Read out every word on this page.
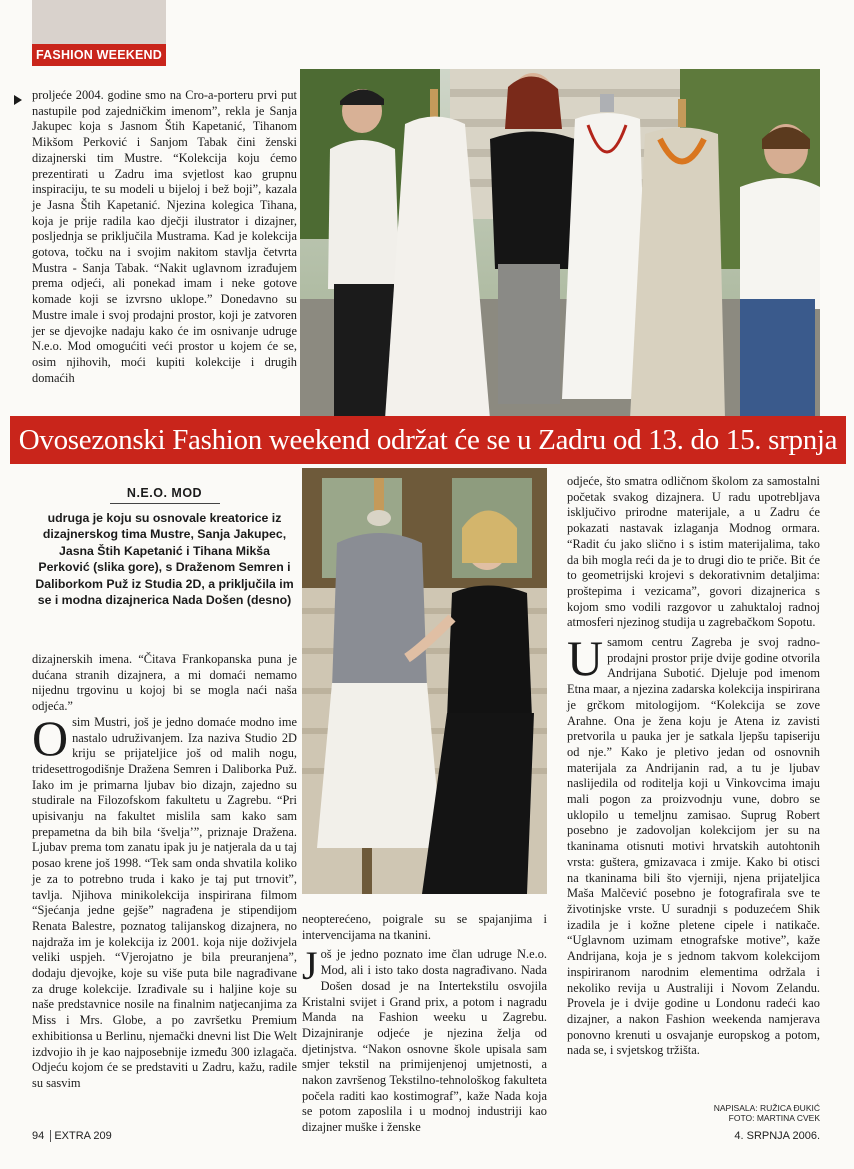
FASHION WEEKEND

proljeće 2004. godine smo na Cro-a-porteru prvi put nastupile pod zajedničkim imenom”, rekla je Sanja Jakupec koja s Jasnom Štih Kapetanić, Tihanom Mikšom Perković i Sanjom Tabak čini ženski dizajnerski tim Mustre. “Kolekcija koju ćemo prezentirati u Zadru ima svjetlost kao grupnu inspiraciju, te su modeli u bijeloj i bež boji”, kazala je Jasna Štih Kapetanić. Njezina kolegica Tihana, koja je prije radila kao dječji ilustrator i dizajner, posljednja se priključila Mustrama. Kad je kolekcija gotova, točku na i svojim nakitom stavlja četvrta Mustra - Sanja Tabak. “Nakit uglavnom izrađujem prema odjeći, ali ponekad imam i neke gotove komade koji se izvrsno uklope.” Donedavno su Mustre imale i svoj prodajni prostor, koji je zatvoren jer se djevojke nadaju kako će im osnivanje udruge N.e.o. Mod omogućiti veći prostor u kojem će se, osim njihovih, moći kupiti kolekcije i drugih domaćih

Ovosezonski Fashion weekend održat će se u Zadru od 13. do 15. srpnja
N.E.O. MOD
udruga je koju su osnovale kreatorice iz dizajnerskog tima Mustre, Sanja Jakupec, Jasna Štih Kapetanić i Tihana Mikša Perković (slika gore), s Draženom Semren i Daliborkom Puž iz Studia 2D, a priključila im se i modna dizajnerica Nada Došen (desno)

dizajnerskih imena. “Čitava Frankopanska puna je dućana stranih dizajnera, a mi domaći nemamo nijednu trgovinu u kojoj bi se mogla naći naša odjeća.”

Osim Mustri, još je jedno domaće modno ime nastalo udruživanjem. Iza naziva Studio 2D kriju se prijateljice još od malih nogu, tridesettrogodišnje Dražena Semren i Daliborka Puž. Iako im je primarna ljubav bio dizajn, zajedno su studirale na Filozofskom fakultetu u Zagrebu. “Pri upisivanju na fakultet mislila sam kako sam prepametna da bih bila ‘švelja’”, priznaje Dražena. Ljubav prema tom zanatu ipak ju je natjerala da u taj posao krene još 1998. “Tek sam onda shvatila koliko je za to potrebno truda i kako je taj put trnovit”, tavlja. Njihova minikolekcija inspirirana filmom “Sjećanja jedne gejše” nagrađena je stipendijom Renata Balestre, poznatog talijanskog dizajnera, no najdraža im je kolekcija iz 2001. koja nije doživjela veliki uspjeh. “Vjerojatno je bila preuranjena”, dodaju djevojke, koje su više puta bile nagrađivane za druge kolekcije. Izrađivale su i haljine koje su naše predstavnice nosile na finalnim natjecanjima za Miss i Mrs. Globe, a po završetku Premium exhibitionsa u Berlinu, njemački dnevni list Die Welt izdvojio ih je kao najposebnije između 300 izlagača. Odjeću kojom će se predstaviti u Zadru, kažu, radile su sasvim

neopterećeno, poigrale su se spajanjima i intervencijama na tkanini.

Još je jedno poznato ime član udruge N.e.o. Mod, ali i isto tako dosta nagrađivano. Nada Došen dosad je na Intertekstilu osvojila Kristalni svijet i Grand prix, a potom i nagradu Manda na Fashion weeku u Zagrebu. Dizajniranje odjeće je njezina želja od djetinjstva. “Nakon osnovne škole upisala sam smjer tekstil na primijenjenoj umjetnosti, a nakon završenog Tekstilno-tehnološkog fakulteta počela raditi kao kostimograf”, kaže Nada koja se potom zaposlila i u modnoj industriji kao dizajner muške i ženske

odjeće, što smatra odličnom školom za samostalni početak svakog dizajnera. U radu upotrebljava isključivo prirodne materijale, a u Zadru će pokazati nastavak izlaganja Modnog ormara. “Radit ću jako slično i s istim materijalima, tako da bih mogla reći da je to drugi dio te priče. Bit će to geometrijski krojevi s dekorativnim detaljima: proštepima i vezicama”, govori dizajnerica s kojom smo vodili razgovor u zahuktaloj radnoj atmosferi njezinog studija u zagrebačkom Sopotu.

Usamom centru Zagreba je svoj radno-prodajni prostor prije dvije godine otvorila Andrijana Subotić. Djeluje pod imenom Etna maar, a njezina zadarska kolekcija inspirirana je grčkom mitologijom. “Kolekcija se zove Arahne. Ona je žena koju je Atena iz zavisti pretvorila u pauka jer je satkala ljepšu tapiseriju od nje.” Kako je pletivo jedan od osnovnih materijala za Andrijanin rad, a tu je ljubav naslijedila od roditelja koji u Vinkovcima imaju mali pogon za proizvodnju vune, dobro se uklopilo u temeljnu zamisao. Suprug Robert posebno je zadovoljan kolekcijom jer su na tkaninama otisnuti motivi hrvatskih autohtonih vrsta: guštera, gmizavaca i zmije. Kako bi otisci na tkaninama bili što vjerniji, njena prijateljica Maša Malčević posebno je fotografirala sve te životinjske vrste. U suradnji s poduzećem Shik izadila je i kožne pletene cipele i natikače. “Uglavnom uzimam etnografske motive”, kaže Andrijana, koja je s jednom takvom kolekcijom inspiriranom narodnim elementima održala i nekoliko revija u Australiji i Novom Zelandu. Provela je i dvije godine u Londonu radeći kao dizajner, a nakon Fashion weekenda namjerava ponovno krenuti u osvajanje europskog a potom, nada se, i svjetskog tržišta.

NAPISALA: RUŽICA ĐUKIĆ
FOTO: MARTINA CVEK
94 EXTRA 209	4. SRPNJA 2006.
